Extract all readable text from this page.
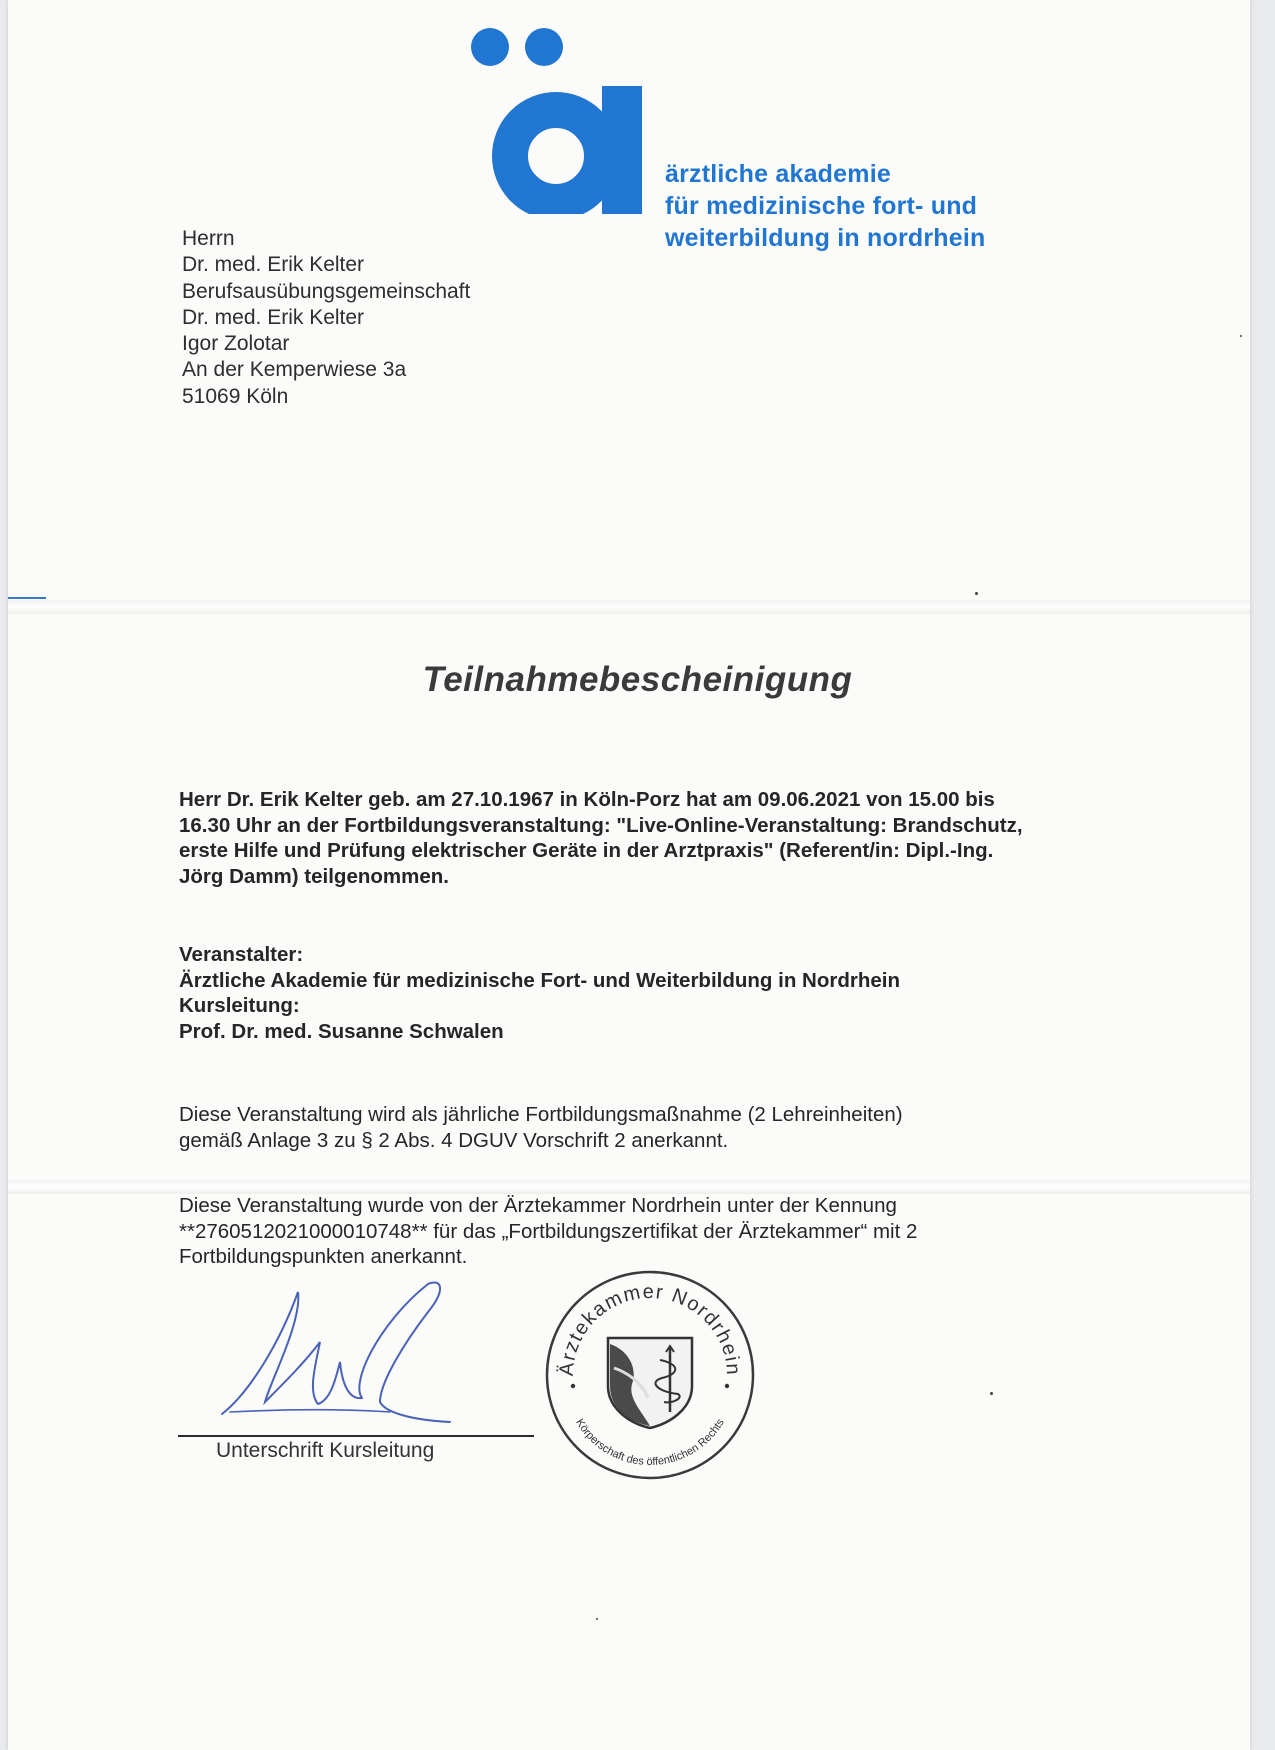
ärztliche akademie
für medizinische fort- und
weiterbildung in nordrhein
Herrn
Dr. med. Erik Kelter
Berufsausübungsgemeinschaft
Dr. med. Erik Kelter
Igor Zolotar
An der Kemperwiese 3a
51069 Köln
Teilnahmebescheinigung
Herr Dr. Erik Kelter geb. am 27.10.1967 in Köln-Porz hat am 09.06.2021 von 15.00 bis
16.30 Uhr an der Fortbildungsveranstaltung: "Live-Online-Veranstaltung: Brandschutz,
erste Hilfe und Prüfung elektrischer Geräte in der Arztpraxis" (Referent/in: Dipl.-Ing.
Jörg Damm) teilgenommen.
Veranstalter:
Ärztliche Akademie für medizinische Fort- und Weiterbildung in Nordrhein
Kursleitung:
Prof. Dr. med. Susanne Schwalen
Diese Veranstaltung wird als jährliche Fortbildungsmaßnahme (2 Lehreinheiten)
gemäß Anlage 3 zu § 2 Abs. 4 DGUV Vorschrift 2 anerkannt.
Diese Veranstaltung wurde von der Ärztekammer Nordrhein unter der Kennung
**2760512021000010748** für das „Fortbildungszertifikat der Ärztekammer“ mit 2
Fortbildungspunkten anerkannt.
Unterschrift Kursleitung
Ärztekammer Nordrhein
Körperschaft des öffentlichen Rechts
